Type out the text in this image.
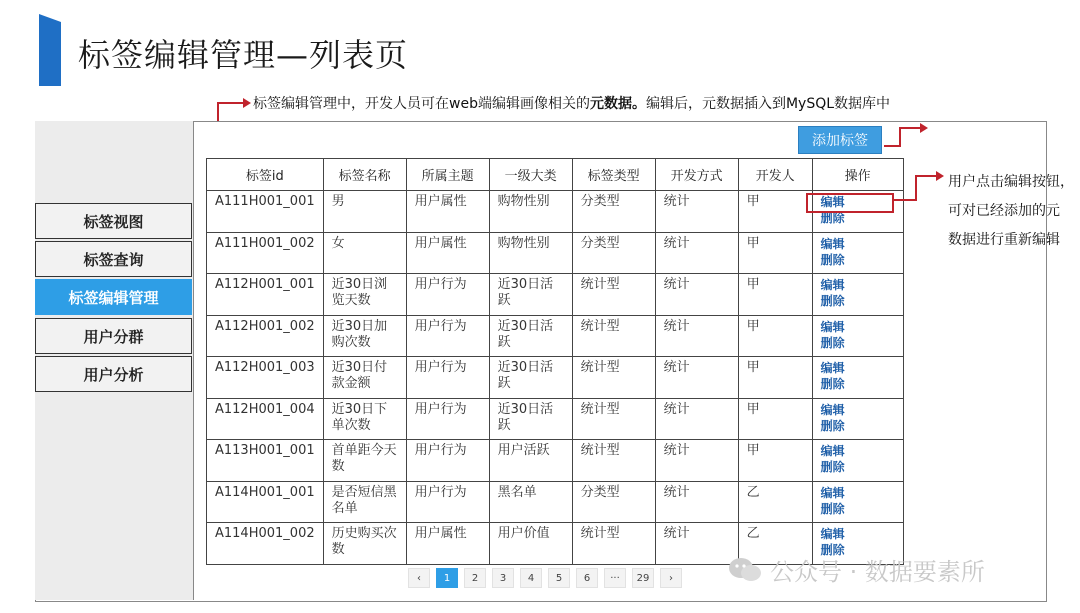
标签编辑管理—列表页
标签编辑管理中，开发人员可在web端编辑画像相关的元数据。编辑后，元数据插入到MySQL数据库中
标签视图
标签查询
标签编辑管理
用户分群
用户分析
添加标签
标签id	标签名称	所属主题	一级大类	标签类型	开发方式	开发人	操作
A111H001_001	男	用户属性	购物性别	分类型	统计	甲	编辑
删除

A111H001_002	女	用户属性	购物性别	分类型	统计	甲	编辑
删除

A112H001_001	近30日浏览天数	用户行为	近30日活跃	统计型	统计	甲	编辑
删除

A112H001_002	近30日加购次数	用户行为	近30日活跃	统计型	统计	甲	编辑
删除

A112H001_003	近30日付款金额	用户行为	近30日活跃	统计型	统计	甲	编辑
删除

A112H001_004	近30日下单次数	用户行为	近30日活跃	统计型	统计	甲	编辑
删除

A113H001_001	首单距今天数	用户行为	用户活跃	统计型	统计	甲	编辑
删除

A114H001_001	是否短信黑名单	用户行为	黑名单	分类型	统计	乙	编辑
删除

A114H001_002	历史购买次数	用户属性	用户价值	统计型	统计	乙	编辑
删除
用户点击编辑按钮，
可对已经添加的元
数据进行重新编辑
‹	1	2	3	4	5	6	···	29	›	公众号 · 数据要素所
